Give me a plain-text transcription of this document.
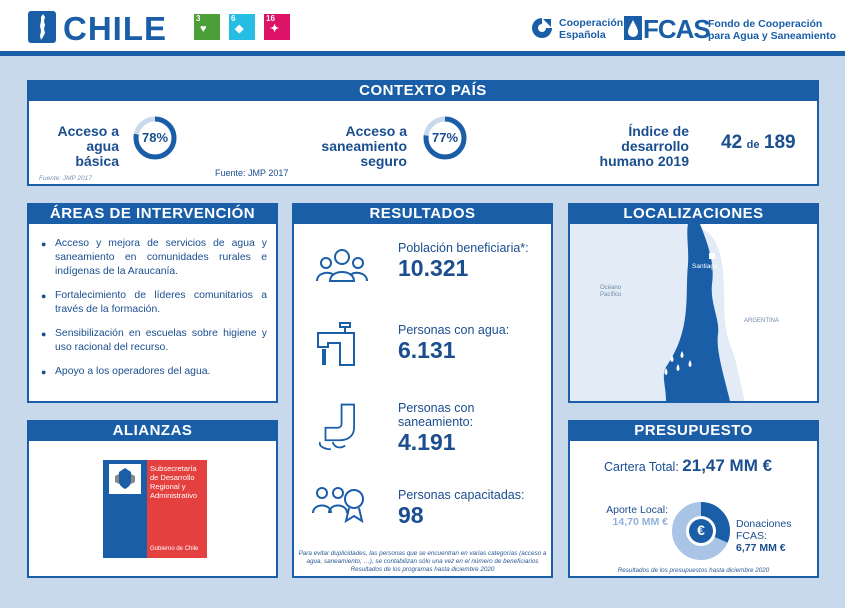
CHILE	3
♥
6
◆
16
✦	Cooperación
Española	FCAS
Fondo de Cooperación
para Agua y Saneamiento
CONTEXTO PAÍS
Acceso a
agua
básica
78%
Fuente: JMP 2017
Fuente: JMP 2017
Acceso a
saneamiento
seguro
77%	Índice de
desarrollo
humano 2019
42 de 189
ÁREAS DE INTERVENCIÓN
● Acceso y mejora de servicios de agua y saneamiento en comunidades rurales e indígenas de la Araucanía.
● Fortalecimiento de líderes comunitarios a través de la formación.
● Sensibilización en escuelas sobre higiene y uso racional del recurso.
● Apoyo a los operadores del agua.
RESULTADOS
Población beneficiaria*:
10.321
Personas con agua:
6.131
Personas con
saneamiento:
4.191
Personas capacitadas:
98
Para evitar duplicidades, las personas que se encuentran en varias categorías (acceso a
agua, saneamiento, …), se contabilizan sólo una vez en el número de beneficiarios
Resultados de los programas hasta diciembre 2020
LOCALIZACIONES
Océano
Pacífico
ARGENTINA
Santiago
ALIANZAS
Subsecretaría
de Desarrollo
Regional y
Administrativo
Gobierno de Chile
PRESUPUESTO
Cartera Total: 21,47 MM €
Aporte Local:
14,70 MM €	€	Donaciones
FCAS:
6,77 MM €
Resultados de los presupuestos hasta diciembre 2020
